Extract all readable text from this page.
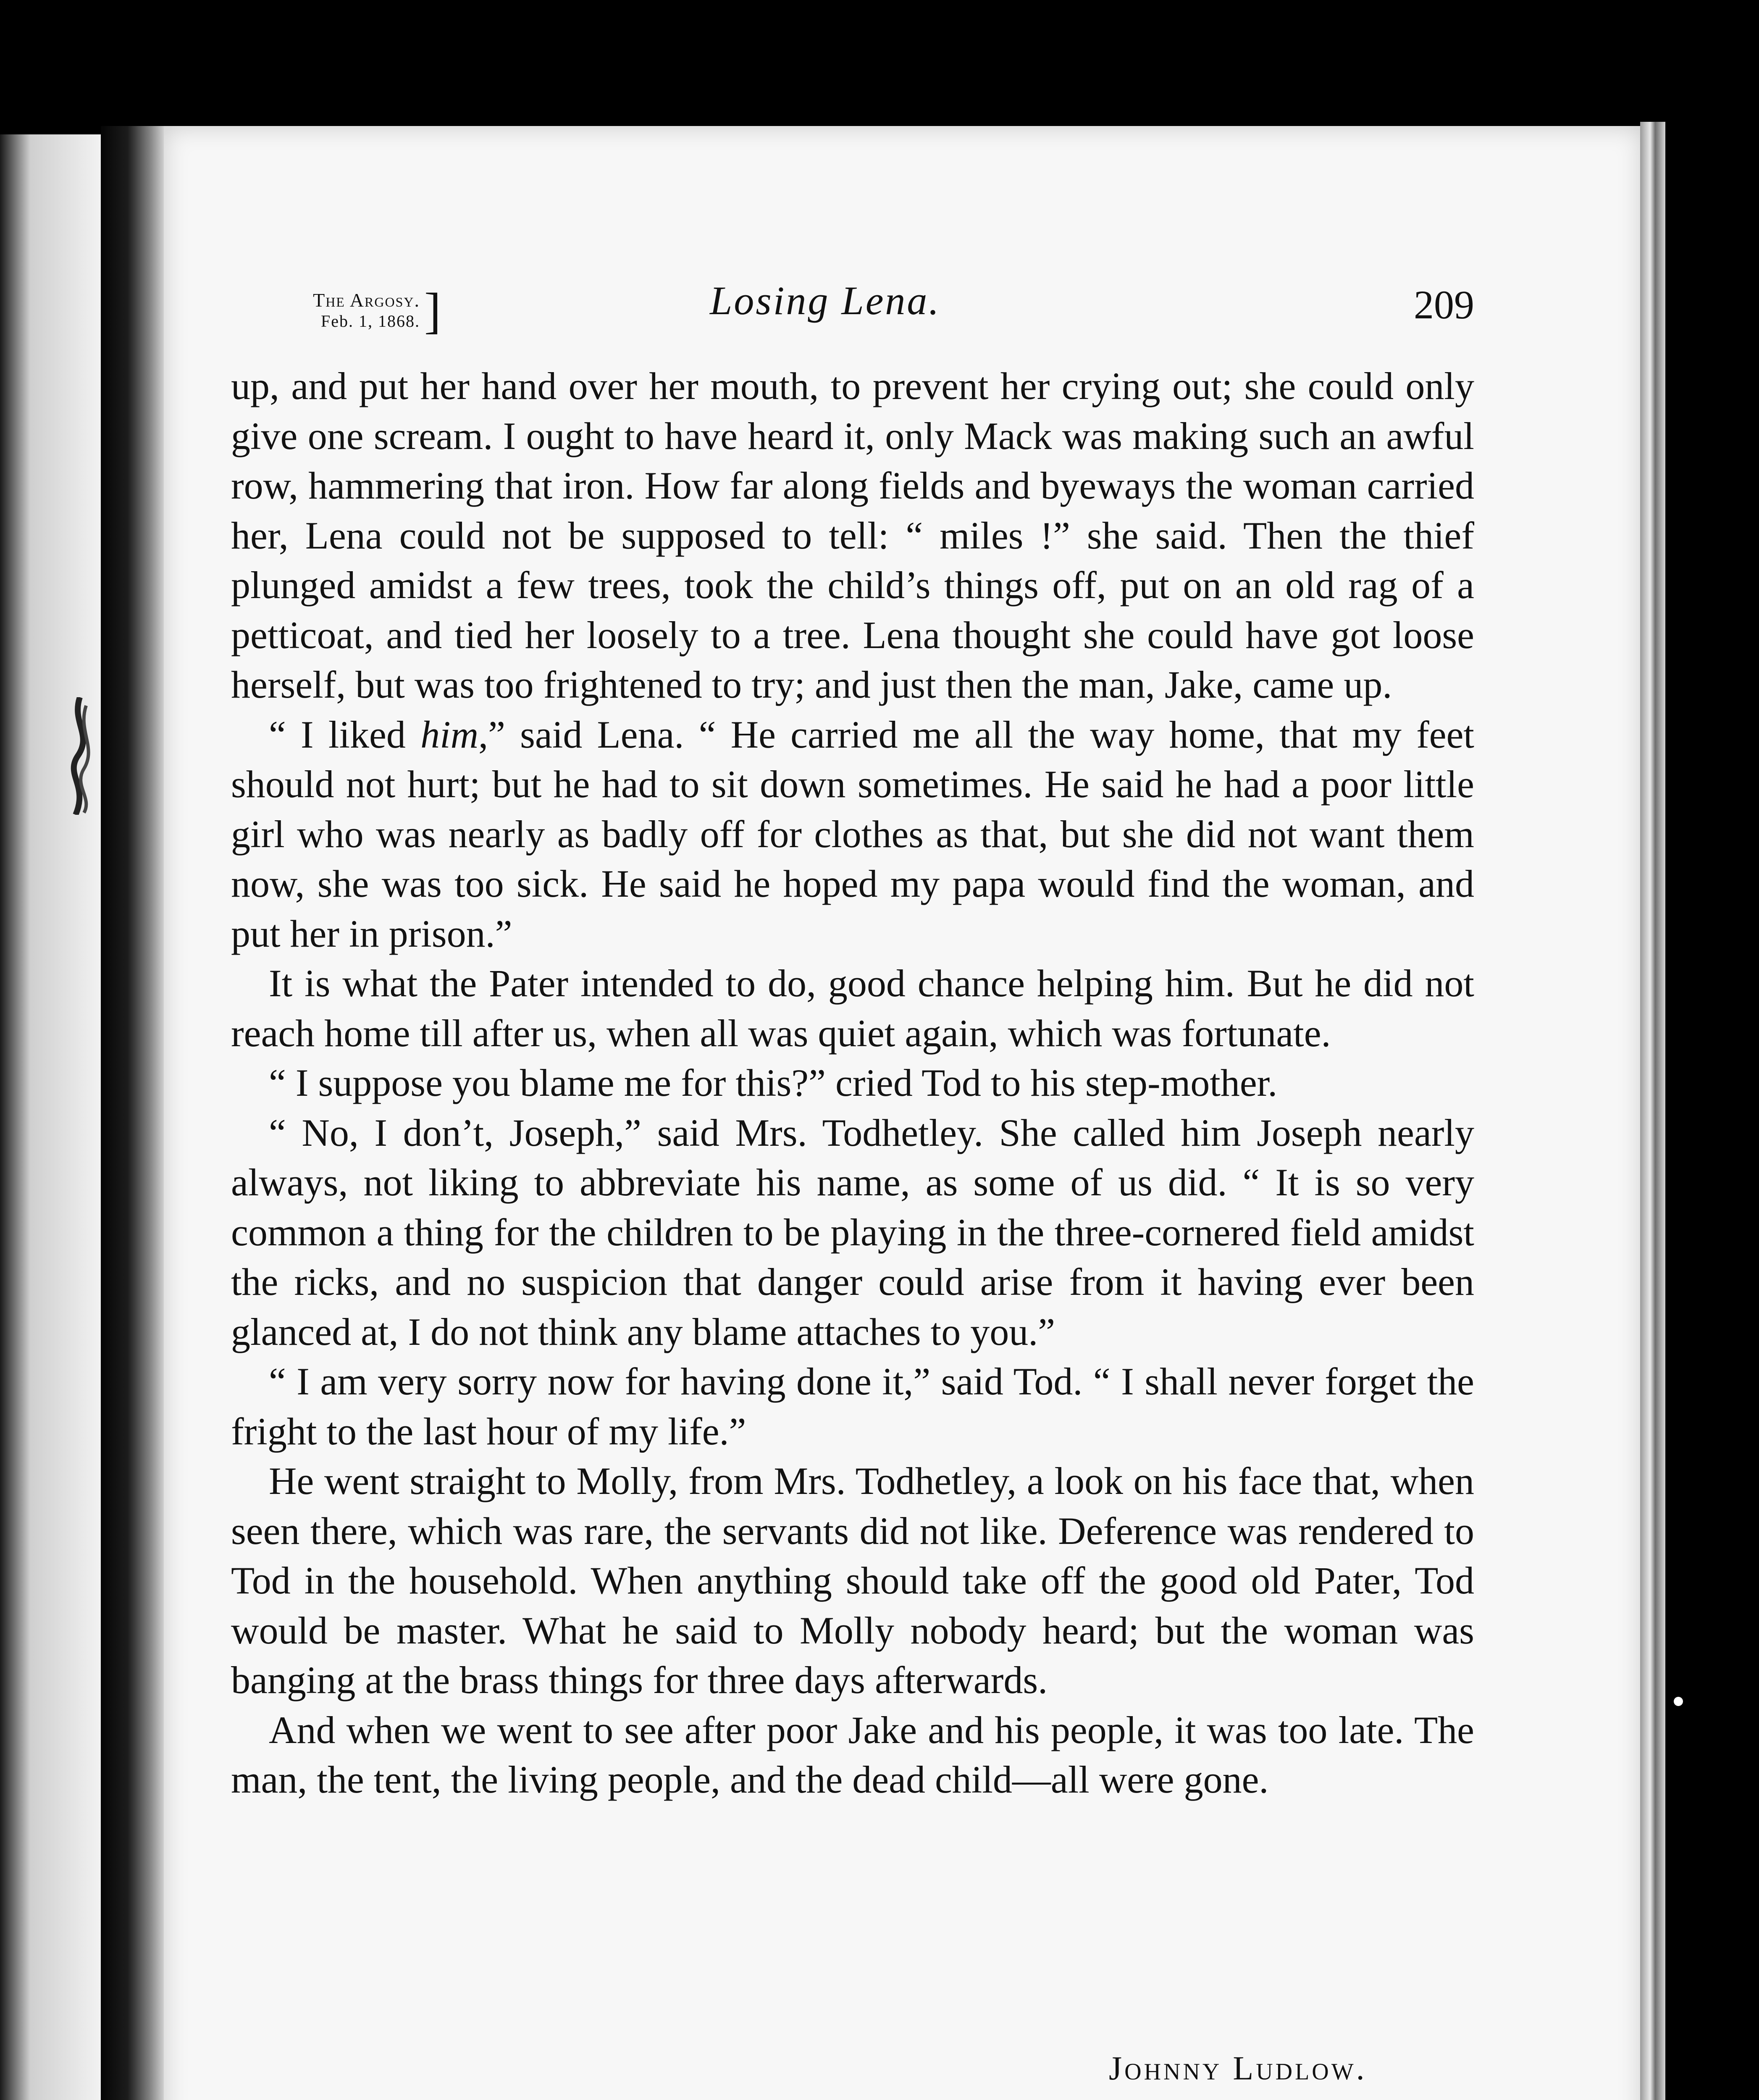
The Argosy.
Feb. 1, 1868. ]	Losing Lena.	209

up, and put her hand over her mouth, to prevent her crying out; she could only give one scream. I ought to have heard it, only Mack was making such an awful row, hammering that iron. How far along fields and byeways the woman carried her, Lena could not be supposed to tell: “ miles !” she said. Then the thief plunged amidst a few trees, took the child’s things off, put on an old rag of a petticoat, and tied her loosely to a tree. Lena thought she could have got loose herself, but was too frightened to try; and just then the man, Jake, came up.

“ I liked him,” said Lena. “ He carried me all the way home, that my feet should not hurt; but he had to sit down sometimes. He said he had a poor little girl who was nearly as badly off for clothes as that, but she did not want them now, she was too sick. He said he hoped my papa would find the woman, and put her in prison.”

It is what the Pater intended to do, good chance helping him. But he did not reach home till after us, when all was quiet again, which was fortunate.

“ I suppose you blame me for this?” cried Tod to his step-mother.

“ No, I don’t, Joseph,” said Mrs. Todhetley. She called him Joseph nearly always, not liking to abbreviate his name, as some of us did. “ It is so very common a thing for the children to be playing in the three-cornered field amidst the ricks, and no suspicion that danger could arise from it having ever been glanced at, I do not think any blame attaches to you.”

“ I am very sorry now for having done it,” said Tod. “ I shall never forget the fright to the last hour of my life.”

He went straight to Molly, from Mrs. Todhetley, a look on his face that, when seen there, which was rare, the servants did not like. Deference was rendered to Tod in the household. When anything should take off the good old Pater, Tod would be master. What he said to Molly nobody heard; but the woman was banging at the brass things for three days afterwards.

And when we went to see after poor Jake and his people, it was too late. The man, the tent, the living people, and the dead child—all were gone.

Johnny Ludlow.
